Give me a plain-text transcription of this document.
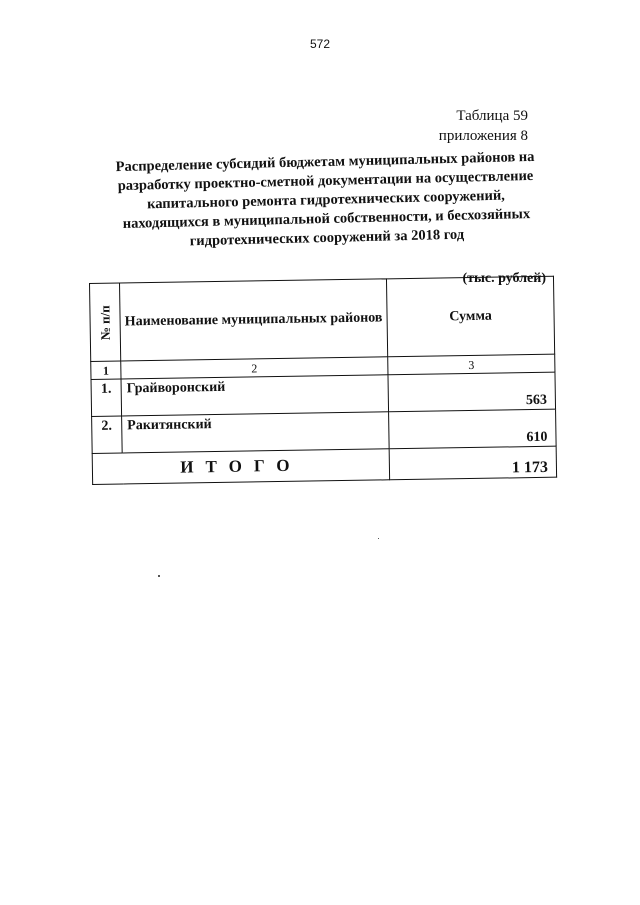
572
Таблица 59
приложения 8
Распределение субсидий бюджетам муниципальных районов на
разработку проектно-сметной документации на осуществление
капитального ремонта гидротехнических сооружений,
находящихся в муниципальной собственности, и бесхозяйных
гидротехнических сооружений за 2018 год
(тыс. рублей)
№ п/п	Наименование муниципальных районов	Сумма
1	2	3
1.	Грайворонский	563
2.	Ракитянский	610
ИТОГО		1 173
